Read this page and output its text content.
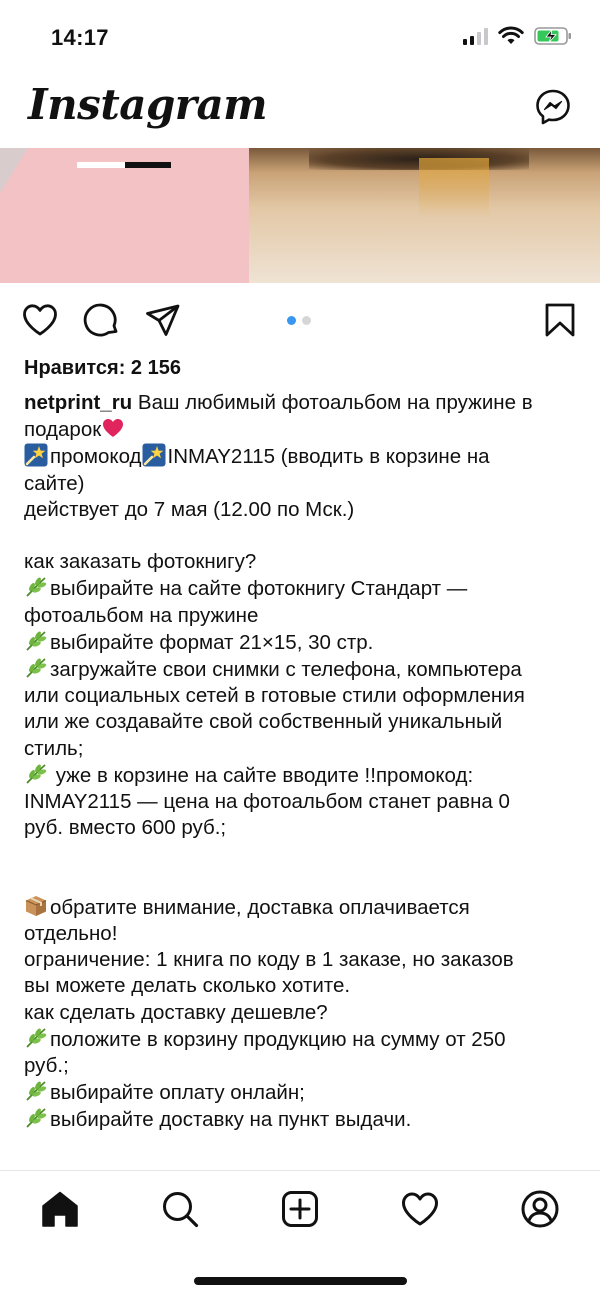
14:17
Instagram
Нравится: 2 156
netprint_ru Ваш любимый фотоальбом на пружине в
подарок
промокод INMAY2115 (вводить в корзине на
сайте)
действует до 7 мая (12.00 по Мск.)
как заказать фотокнигу?
выбирайте на сайте фотокнигу Стандарт —
фотоальбом на пружине
выбирайте формат 21×15, 30 стр.
загружайте свои снимки с телефона, компьютера
или социальных сетей в готовые стили оформления
или же создавайте свой собственный уникальный
стиль;
уже в корзине на сайте вводите !!промокод:
INMAY2115 — цена на фотоальбом станет равна 0
руб. вместо 600 руб.;
обратите внимание, доставка оплачивается
отдельно!
ограничение: 1 книга по коду в 1 заказе, но заказов
вы можете делать сколько хотите.
как сделать доставку дешевле?
положите в корзину продукцию на сумму от 250
руб.;
выбирайте оплату онлайн;
выбирайте доставку на пункт выдачи.
